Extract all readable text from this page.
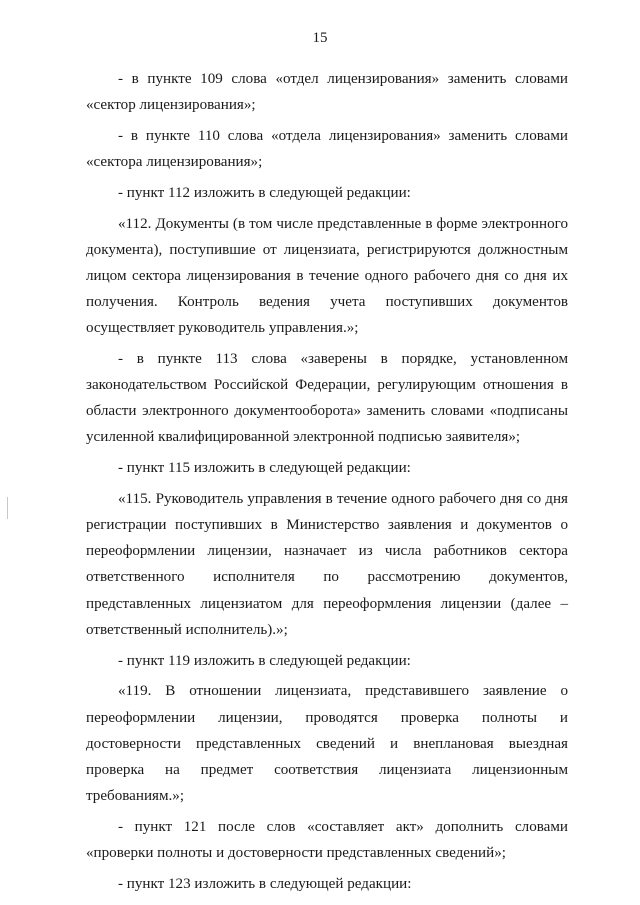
15

- в пункте 109 слова «отдел лицензирования» заменить словами «сектор лицензирования»;

- в пункте 110 слова «отдела лицензирования» заменить словами «сектора лицензирования»;

- пункт 112 изложить в следующей редакции:

«112. Документы (в том числе представленные в форме электронного документа), поступившие от лицензиата, регистрируются должностным лицом сектора лицензирования в течение одного рабочего дня со дня их получения. Контроль ведения учета поступивших документов осуществляет руководитель управления.»;

- в пункте 113 слова «заверены в порядке, установленном законодательством Российской Федерации, регулирующим отношения в области электронного документооборота» заменить словами «подписаны усиленной квалифицированной электронной подписью заявителя»;

- пункт 115 изложить в следующей редакции:

«115. Руководитель управления в течение одного рабочего дня со дня регистрации поступивших в Министерство заявления и документов о переоформлении лицензии, назначает из числа работников сектора ответственного исполнителя по рассмотрению документов, представленных лицензиатом для переоформления лицензии (далее – ответственный исполнитель).»;

- пункт 119 изложить в следующей редакции:

«119. В отношении лицензиата, представившего заявление о переоформлении лицензии, проводятся проверка полноты и достоверности представленных сведений и внеплановая выездная проверка на предмет соответствия лицензиата лицензионным требованиям.»;

- пункт 121 после слов «составляет акт» дополнить словами «проверки полноты и достоверности представленных сведений»;

- пункт 123 изложить в следующей редакции:
